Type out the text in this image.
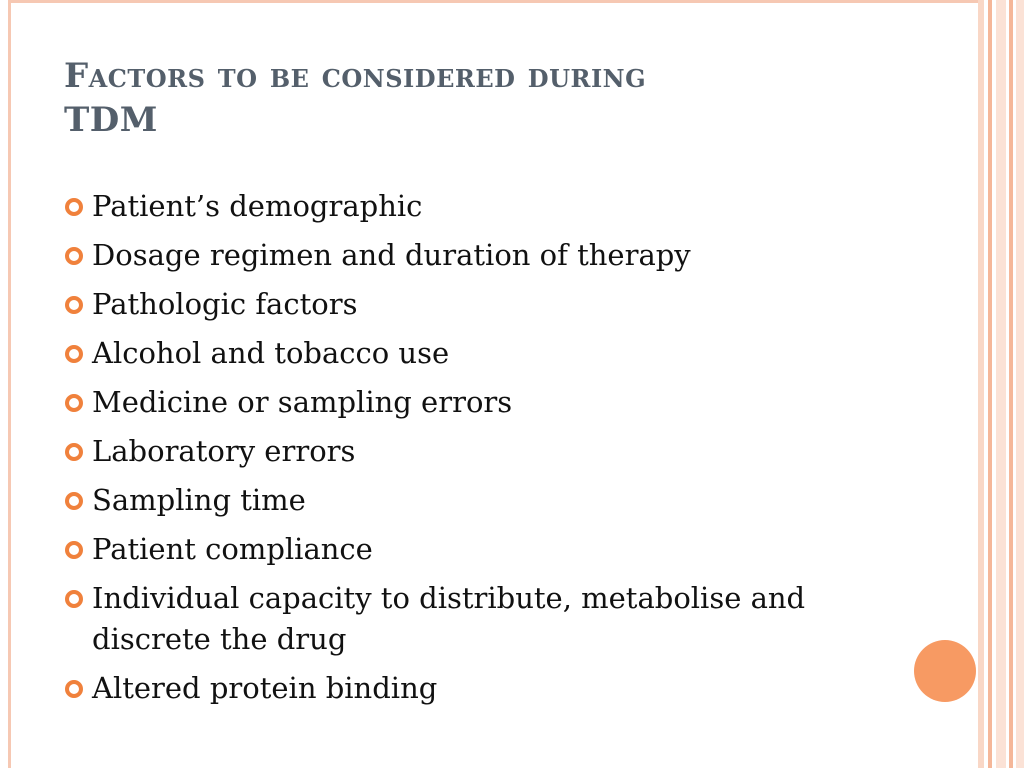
Factors to be considered during
TDM
Patient’s demographic
Dosage regimen and duration of therapy
Pathologic factors
Alcohol and tobacco use
Medicine or sampling errors
Laboratory errors
Sampling time
Patient compliance
Individual capacity to distribute, metabolise and discrete the drug
Altered protein binding
